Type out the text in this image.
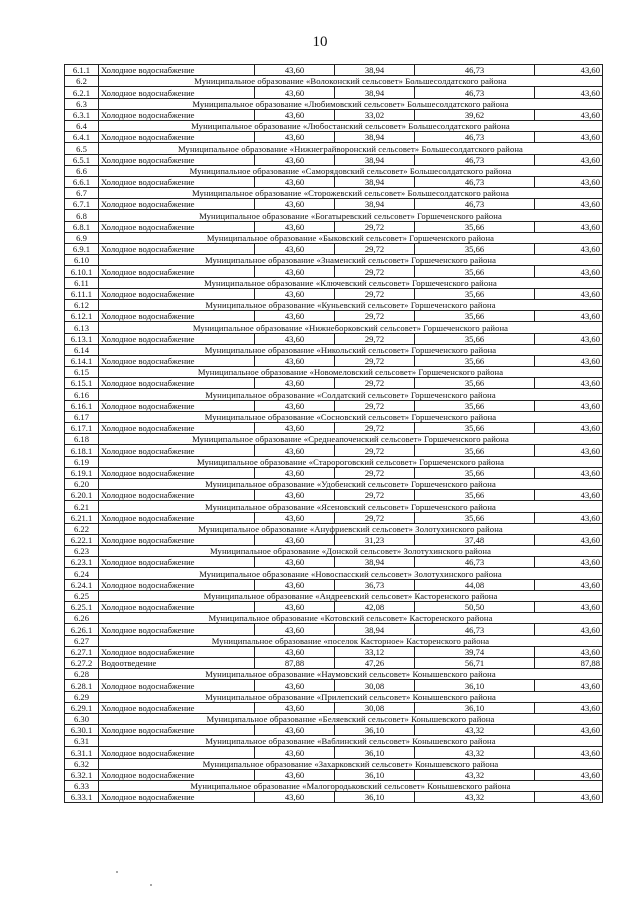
10
6.1.1	Холодное водоснабжение	43,60	38,94	46,73	43,60
6.2	Муниципальное образование «Волоконский сельсовет» Большесолдатского района				
6.2.1	Холодное водоснабжение	43,60	38,94	46,73	43,60
6.3	Муниципальное образование «Любимовский сельсовет» Большесолдатского района				
6.3.1	Холодное водоснабжение	43,60	33,02	39,62	43,60
6.4	Муниципальное образование «Любостанский сельсовет» Большесолдатского района				
6.4.1	Холодное водоснабжение	43,60	38,94	46,73	43,60
6.5	Муниципальное образование «Нижнеграйворонский сельсовет» Большесолдатского района				
6.5.1	Холодное водоснабжение	43,60	38,94	46,73	43,60
6.6	Муниципальное образование «Саморядовский сельсовет» Большесолдатского района				
6.6.1	Холодное водоснабжение	43,60	38,94	46,73	43,60
6.7	Муниципальное образование «Сторожевский сельсовет» Большесолдатского района				
6.7.1	Холодное водоснабжение	43,60	38,94	46,73	43,60
6.8	Муниципальное образование «Богатыревский сельсовет» Горшеченского района				
6.8.1	Холодное водоснабжение	43,60	29,72	35,66	43,60
6.9	Муниципальное образование «Быковский сельсовет» Горшеченского района				
6.9.1	Холодное водоснабжение	43,60	29,72	35,66	43,60
6.10	Муниципальное образование «Знаменский сельсовет» Горшеченского района				
6.10.1	Холодное водоснабжение	43,60	29,72	35,66	43,60
6.11	Муниципальное образование «Ключевский сельсовет» Горшеченского района				
6.11.1	Холодное водоснабжение	43,60	29,72	35,66	43,60
6.12	Муниципальное образование «Куньевский сельсовет» Горшеченского района				
6.12.1	Холодное водоснабжение	43,60	29,72	35,66	43,60
6.13	Муниципальное образование «Нижнеборковский сельсовет» Горшеченского района				
6.13.1	Холодное водоснабжение	43,60	29,72	35,66	43,60
6.14	Муниципальное образование «Никольский сельсовет» Горшеченского района				
6.14.1	Холодное водоснабжение	43,60	29,72	35,66	43,60
6.15	Муниципальное образование «Новомеловский сельсовет» Горшеченского района				
6.15.1	Холодное водоснабжение	43,60	29,72	35,66	43,60
6.16	Муниципальное образование «Солдатский сельсовет» Горшеченского района				
6.16.1	Холодное водоснабжение	43,60	29,72	35,66	43,60
6.17	Муниципальное образование «Сосновский сельсовет» Горшеченского района				
6.17.1	Холодное водоснабжение	43,60	29,72	35,66	43,60
6.18	Муниципальное образование «Среднеапоченский сельсовет» Горшеченского района				
6.18.1	Холодное водоснабжение	43,60	29,72	35,66	43,60
6.19	Муниципальное образование «Старороговский сельсовет» Горшеченского района				
6.19.1	Холодное водоснабжение	43,60	29,72	35,66	43,60
6.20	Муниципальное образование «Удобенский сельсовет» Горшеченского района				
6.20.1	Холодное водоснабжение	43,60	29,72	35,66	43,60
6.21	Муниципальное образование «Ясеновский сельсовет» Горшеченского района				
6.21.1	Холодное водоснабжение	43,60	29,72	35,66	43,60
6.22	Муниципальное образование «Ануфриевский сельсовет» Золотухинского района				
6.22.1	Холодное водоснабжение	43,60	31,23	37,48	43,60
6.23	Муниципальное образование «Донской сельсовет» Золотухинского района				
6.23.1	Холодное водоснабжение	43,60	38,94	46,73	43,60
6.24	Муниципальное образование «Новоспасский сельсовет» Золотухинского района				
6.24.1	Холодное водоснабжение	43,60	36,73	44,08	43,60
6.25	Муниципальное образование «Андреевский сельсовет» Касторенского района				
6.25.1	Холодное водоснабжение	43,60	42,08	50,50	43,60
6.26	Муниципальное образование «Котовский сельсовет» Касторенского района				
6.26.1	Холодное водоснабжение	43,60	38,94	46,73	43,60
6.27	Муниципальное образование «поселок Касторное» Касторенского района				
6.27.1	Холодное водоснабжение	43,60	33,12	39,74	43,60
6.27.2	Водоотведение	87,88	47,26	56,71	87,88
6.28	Муниципальное образование «Наумовский сельсовет» Конышевского района				
6.28.1	Холодное водоснабжение	43,60	30,08	36,10	43,60
6.29	Муниципальное образование «Прилепский сельсовет» Конышевского района				
6.29.1	Холодное водоснабжение	43,60	30,08	36,10	43,60
6.30	Муниципальное образование «Беляевский сельсовет» Конышевского района				
6.30.1	Холодное водоснабжение	43,60	36,10	43,32	43,60
6.31	Муниципальное образование «Ваблинский сельсовет» Конышевского района				
6.31.1	Холодное водоснабжение	43,60	36,10	43,32	43,60
6.32	Муниципальное образование «Захарковский сельсовет» Конышевского района				
6.32.1	Холодное водоснабжение	43,60	36,10	43,32	43,60
6.33	Муниципальное образование «Малогородьковский сельсовет» Конышевского района				
6.33.1	Холодное водоснабжение	43,60	36,10	43,32	43,60
